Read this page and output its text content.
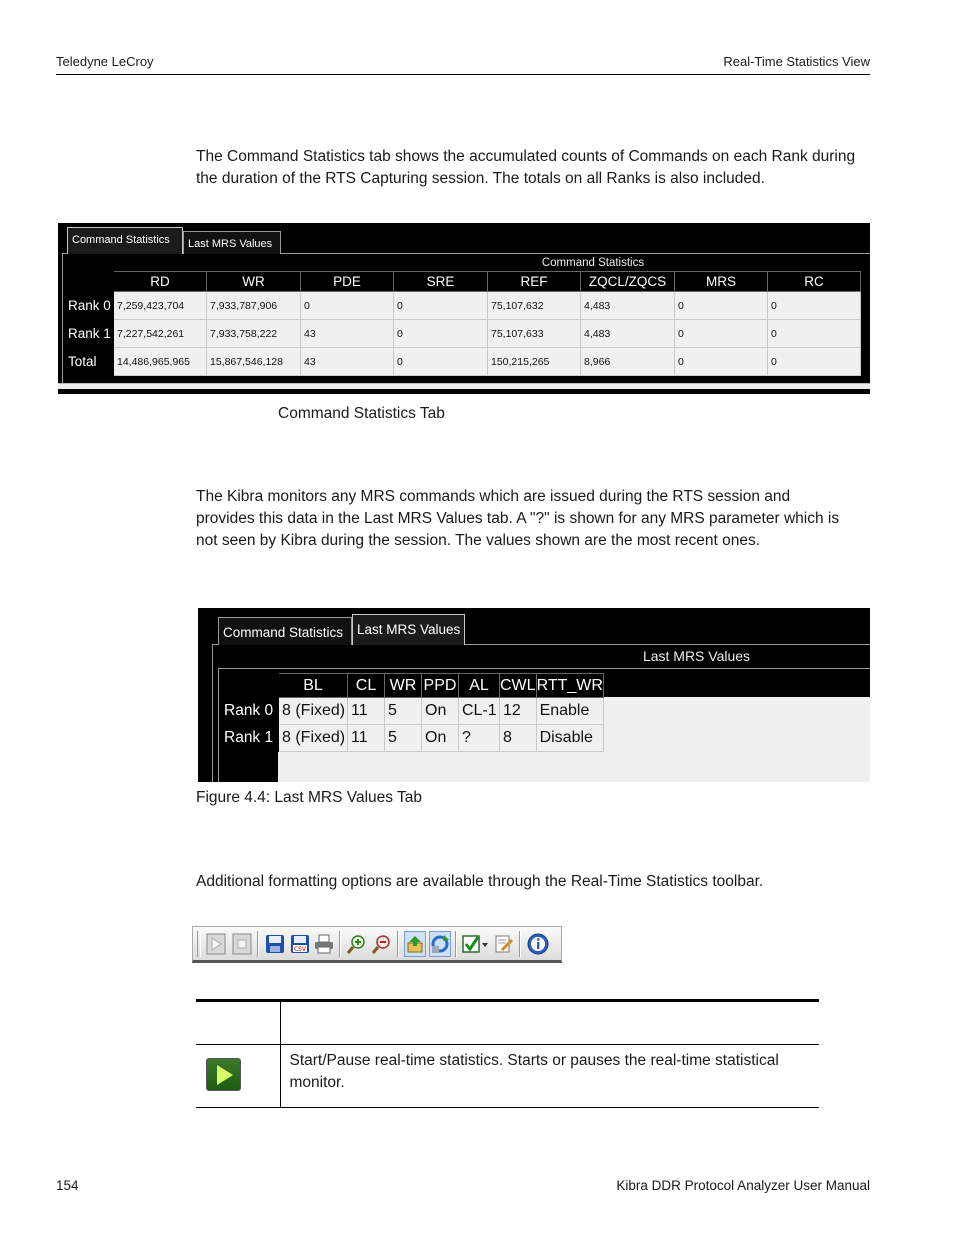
Teledyne LeCroy	Real-Time Statistics View

The Command Statistics tab shows the accumulated counts of Commands on each Rank during the duration of the RTS Capturing session. The totals on all Ranks is also included.

Command Statistics	Last MRS Values
Command Statistics
	RD	WR	PDE	SRE	REF	ZQCL/ZQCS	MRS	RC
Rank 0	7,259,423,704	7,933,787,906	0	0	75,107,632	4,483	0	0
Rank 1	7,227,542,261	7,933,758,222	43	0	75,107,633	4,483	0	0
Total	14,486,965,965	15,867,546,128	43	0	150,215,265	8,966	0	0
Command Statistics Tab

The Kibra monitors any MRS commands which are issued during the RTS session and provides this data in the Last MRS Values tab. A "?" is shown for any MRS parameter which is not seen by Kibra during the session. The values shown are the most recent ones.

Command Statistics	Last MRS Values
Last MRS Values
	BL	CL	WR	PPD	AL	CWL	RTT_WR
Rank 0	8 (Fixed)	11	5	On	CL-1	12	Enable
Rank 1	8 (Fixed)	11	5	On	?	8	Disable
Figure 4.4: Last MRS Values Tab

Additional formatting options are available through the Real-Time Statistics toolbar.

CSV

	Start/Pause real-time statistics. Starts or pauses the real-time statistical monitor.
154	Kibra DDR Protocol Analyzer User Manual
